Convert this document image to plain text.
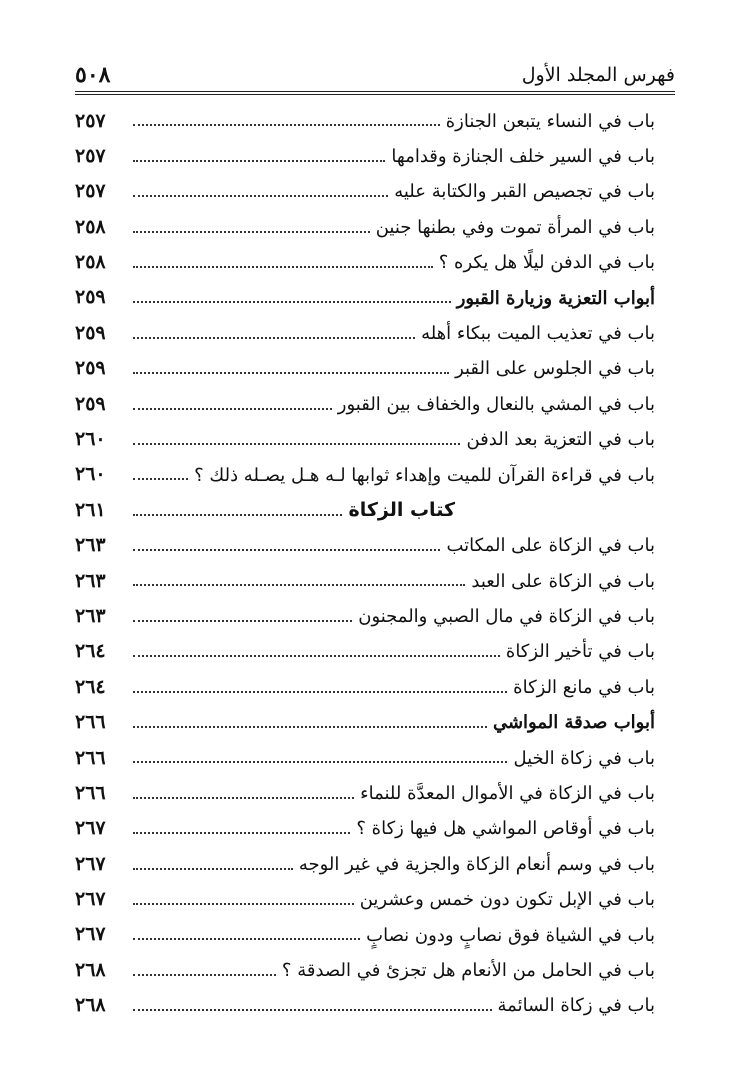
فهرس المجلد الأول
٥٠٨
باب في النساء يتبعن الجنازة
٢٥٧
باب في السير خلف الجنازة وقدامها
٢٥٧
باب في تجصيص القبر والكتابة عليه
٢٥٧
باب في المرأة تموت وفي بطنها جنين
٢٥٨
باب في الدفن ليلًا هل يكره ؟
٢٥٨
أبواب التعزية وزيارة القبور
٢٥٩
باب في تعذيب الميت ببكاء أهله
٢٥٩
باب في الجلوس على القبر
٢٥٩
باب في المشي بالنعال والخفاف بين القبور
٢٥٩
باب في التعزية بعد الدفن
٢٦٠
باب في قراءة القرآن للميت وإهداء ثوابها لـه هـل يصـله ذلك ؟
٢٦٠
كتاب الزكاة
٢٦١
باب في الزكاة على المكاتب
٢٦٣
باب في الزكاة على العبد
٢٦٣
باب في الزكاة في مال الصبي والمجنون
٢٦٣
باب في تأخير الزكاة
٢٦٤
باب في مانع الزكاة
٢٦٤
أبواب صدقة المواشي
٢٦٦
باب في زكاة الخيل
٢٦٦
باب في الزكاة في الأموال المعدَّة للنماء
٢٦٦
باب في أوقاص المواشي هل فيها زكاة ؟
٢٦٧
باب في وسم أنعام الزكاة والجزية في غير الوجه
٢٦٧
باب في الإبل تكون دون خمس وعشرين
٢٦٧
باب في الشياة فوق نصابٍ ودون نصابٍ
٢٦٧
باب في الحامل من الأنعام هل تجزئ في الصدقة ؟
٢٦٨
باب في زكاة السائمة
٢٦٨
